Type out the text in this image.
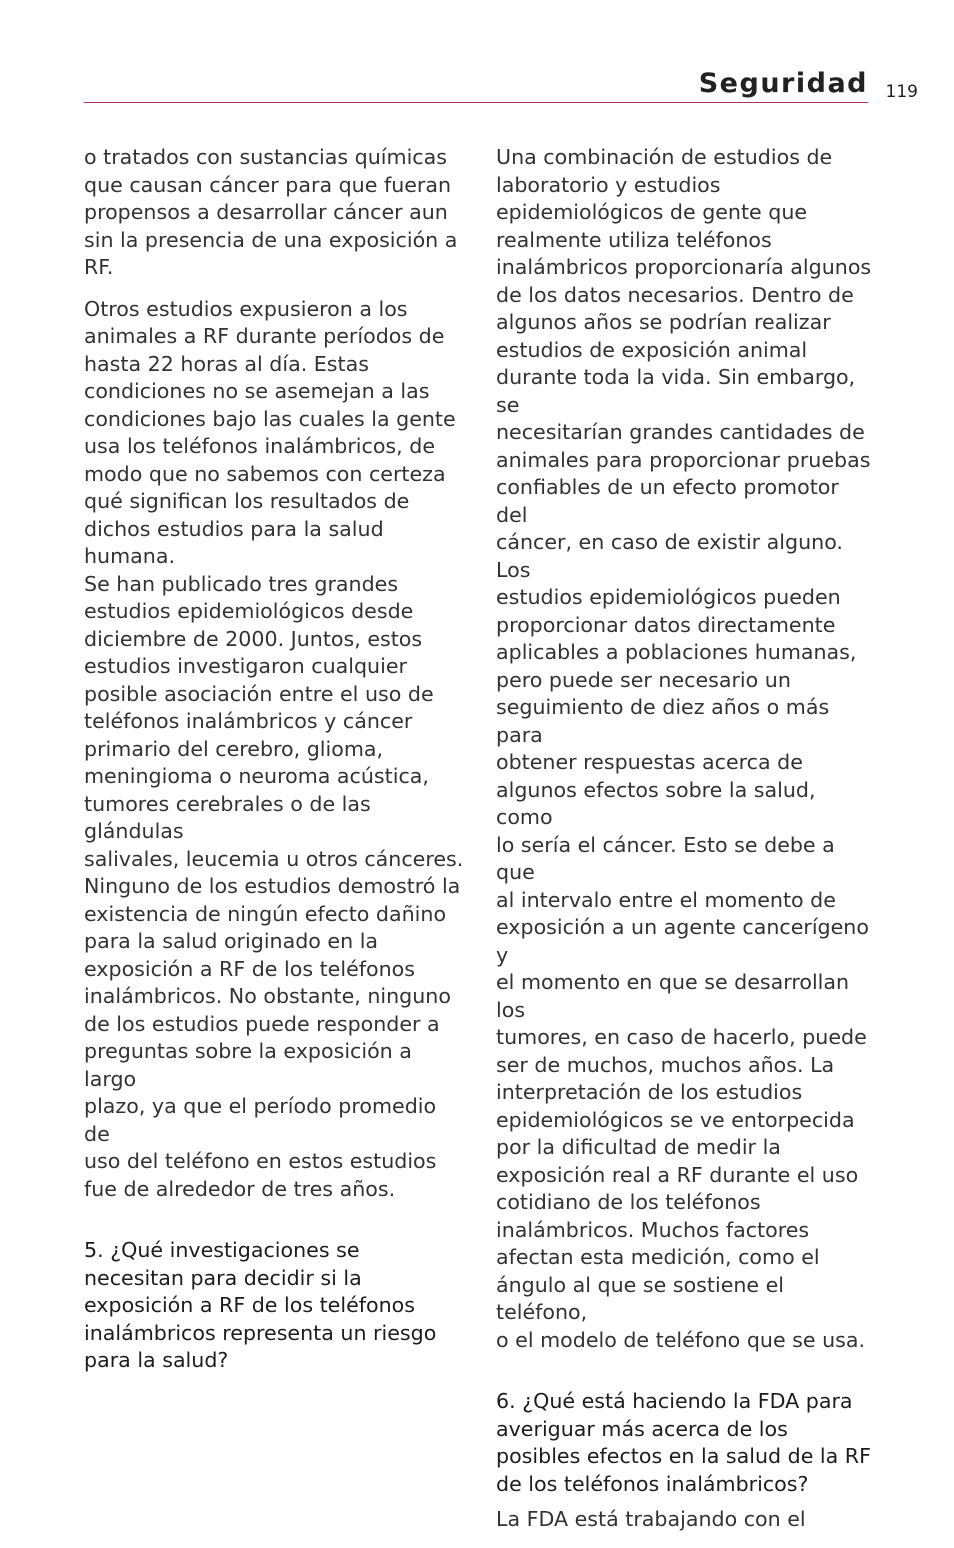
Seguridad 119

o tratados con sustancias químicas
que causan cáncer para que fueran
propensos a desarrollar cáncer aun
sin la presencia de una exposición a
RF.

Otros estudios expusieron a los
animales a RF durante períodos de
hasta 22 horas al día. Estas
condiciones no se asemejan a las
condiciones bajo las cuales la gente
usa los teléfonos inalámbricos, de
modo que no sabemos con certeza
qué significan los resultados de
dichos estudios para la salud humana.
Se han publicado tres grandes
estudios epidemiológicos desde
diciembre de 2000. Juntos, estos
estudios investigaron cualquier
posible asociación entre el uso de
teléfonos inalámbricos y cáncer
primario del cerebro, glioma,
meningioma o neuroma acústica,
tumores cerebrales o de las glándulas
salivales, leucemia u otros cánceres.
Ninguno de los estudios demostró la
existencia de ningún efecto dañino
para la salud originado en la
exposición a RF de los teléfonos
inalámbricos. No obstante, ninguno
de los estudios puede responder a
preguntas sobre la exposición a largo
plazo, ya que el período promedio de
uso del teléfono en estos estudios
fue de alrededor de tres años.

5. ¿Qué investigaciones se
necesitan para decidir si la
exposición a RF de los teléfonos
inalámbricos representa un riesgo
para la salud?

Una combinación de estudios de
laboratorio y estudios
epidemiológicos de gente que
realmente utiliza teléfonos
inalámbricos proporcionaría algunos
de los datos necesarios. Dentro de
algunos años se podrían realizar
estudios de exposición animal
durante toda la vida. Sin embargo, se
necesitarían grandes cantidades de
animales para proporcionar pruebas
confiables de un efecto promotor del
cáncer, en caso de existir alguno. Los
estudios epidemiológicos pueden
proporcionar datos directamente
aplicables a poblaciones humanas,
pero puede ser necesario un
seguimiento de diez años o más para
obtener respuestas acerca de
algunos efectos sobre la salud, como
lo sería el cáncer. Esto se debe a que
al intervalo entre el momento de
exposición a un agente cancerígeno y
el momento en que se desarrollan los
tumores, en caso de hacerlo, puede
ser de muchos, muchos años. La
interpretación de los estudios
epidemiológicos se ve entorpecida
por la dificultad de medir la
exposición real a RF durante el uso
cotidiano de los teléfonos
inalámbricos. Muchos factores
afectan esta medición, como el
ángulo al que se sostiene el teléfono,
o el modelo de teléfono que se usa.

6. ¿Qué está haciendo la FDA para
averiguar más acerca de los
posibles efectos en la salud de la RF
de los teléfonos inalámbricos?

La FDA está trabajando con el
